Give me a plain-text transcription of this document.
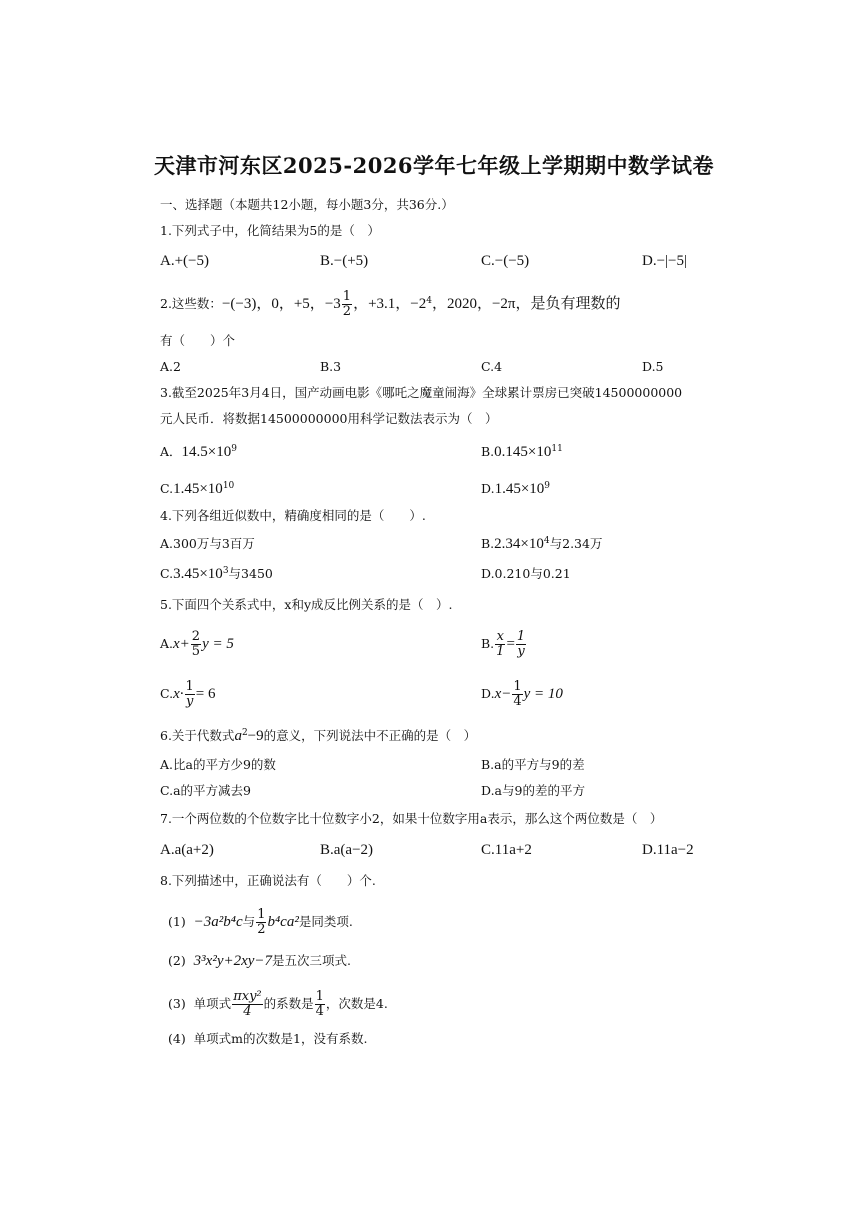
天津市河东区2025-2026学年七年级上学期期中数学试卷
一、选择题（本题共12小题，每小题3分，共36分.）
1.下列式子中，化简结果为5的是（　）
A.+(−5)	B.−(+5)	C.−(−5)	D.−|−5|
2.这些数：−(−3)，0，+5，$-3 \frac{1}{2}$ ，+3.1，$-2^4$，2020，−2π，是负有理数的
有（　　）个
A.2	B.3	C.4	D.5
3.截至2025年3月4日，国产动画电影《哪吒之魔童闹海》全球累计票房已突破14500000000
元人民币．将数据14500000000用科学记数法表示为（　）
A．$14.5\times 10^9$	$B.0.145\times 10^{11}$
$C.1.45\times 10^{10}$	$D.1.45\times 10^9$
4.下列各组近似数中，精确度相同的是（　　）.
A.300万与3百万	$B.2.34\times 10^4$与2.34万
$C.3.45\times 10^3$与3450	D.0.210与0.21
5.下面四个关系式中，x和y成反比例关系的是（　）.
$A.x+ \frac{2}{5}$ y = 5	B. $\frac{x}{1} = \frac{1}{y}$
$C.x\cdot \frac{1}{y} = 6$	$D.x- \frac{1}{4}$ y = 10
6.关于代数式$a^2-9$的意义，下列说法中不正确的是（　）
A.比a的平方少9的数	B.a的平方与9的差
C.a的平方减去9	D.a与9的差的平方
7.一个两位数的个位数字比十位数字小2，如果十位数字用a表示，那么这个两位数是（　）
A.a(a+2)	B.a(a−2)	C.11a+2	D.11a−2
8.下列描述中，正确说法有（　　）个.
(1) −3a²b⁴c与 $\frac{1}{2} b^4ca^2$是同类项.
(2) 3³x²y+2xy−7是五次三项式.
(3) 单项式 $\frac{\text{πxy²}}{4}$ 的系数是 $\frac{1}{4}$ ，次数是4.
(4) 单项式m的次数是1，没有系数.
